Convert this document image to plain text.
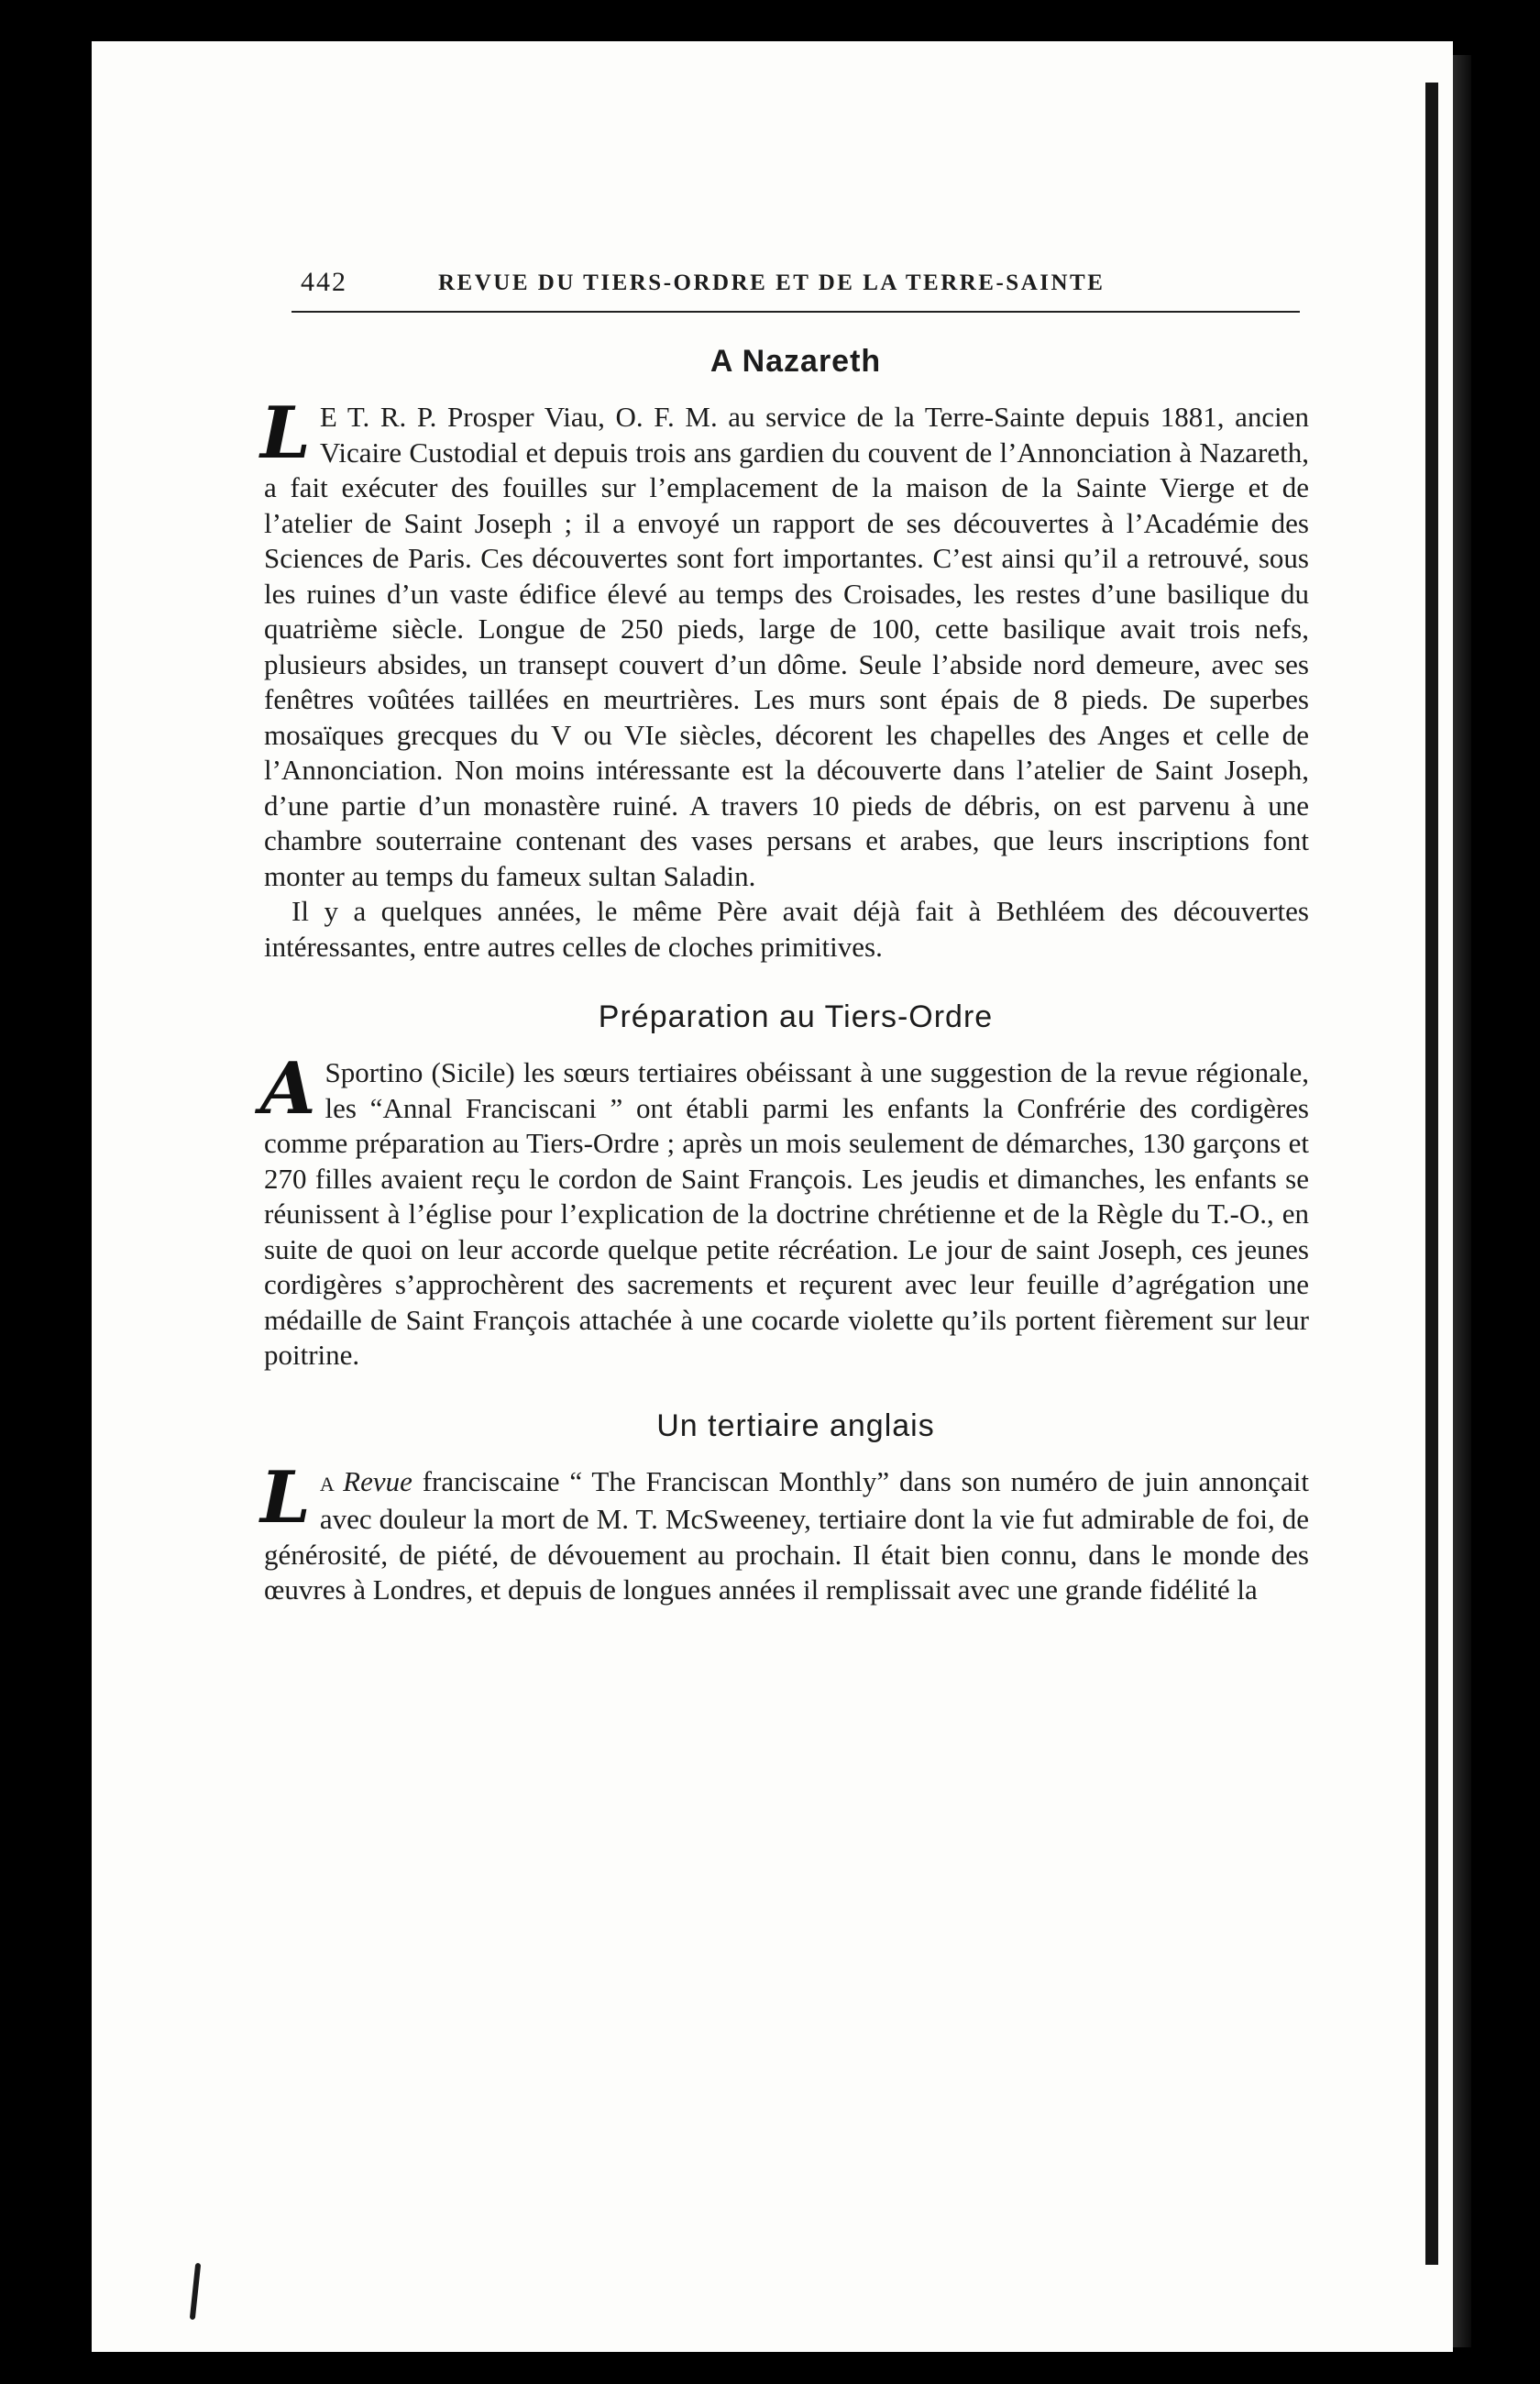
442	REVUE DU TIERS-ORDRE ET DE LA TERRE-SAINTE
A Nazareth

L E T. R. P. Prosper Viau, O. F. M. au service de la Terre-Sainte depuis 1881, ancien Vicaire Custodial et depuis trois ans gardien du couvent de l’Annonciation à Nazareth, a fait exécuter des fouilles sur l’emplacement de la maison de la Sainte Vierge et de l’atelier de Saint Joseph ; il a envoyé un rapport de ses découvertes à l’Académie des Sciences de Paris. Ces découvertes sont fort importantes. C’est ainsi qu’il a retrouvé, sous les ruines d’un vaste édifice élevé au temps des Croisades, les restes d’une basilique du quatrième siècle. Longue de 250 pieds, large de 100, cette basilique avait trois nefs, plusieurs absides, un transept couvert d’un dôme. Seule l’abside nord demeure, avec ses fenêtres voûtées taillées en meurtrières. Les murs sont épais de 8 pieds. De superbes mosaïques grecques du V ou VIe siècles, décorent les chapelles des Anges et celle de l’Annonciation. Non moins intéressante est la découverte dans l’atelier de Saint Joseph, d’une partie d’un monastère ruiné. A travers 10 pieds de débris, on est parvenu à une chambre souterraine contenant des vases persans et arabes, que leurs inscriptions font monter au temps du fameux sultan Saladin.

Il y a quelques années, le même Père avait déjà fait à Bethléem des découvertes intéressantes, entre autres celles de cloches primitives.

Préparation au Tiers-Ordre

A Sportino (Sicile) les sœurs tertiaires obéissant à une suggestion de la revue régionale, les “Annal Franciscani ” ont établi parmi les enfants la Confrérie des cordigères comme préparation au Tiers-Ordre ; après un mois seulement de démarches, 130 garçons et 270 filles avaient reçu le cordon de Saint François. Les jeudis et dimanches, les enfants se réunissent à l’église pour l’explication de la doctrine chrétienne et de la Règle du T.-O., en suite de quoi on leur accorde quelque petite récréation. Le jour de saint Joseph, ces jeunes cordigères s’approchèrent des sacrements et reçurent avec leur feuille d’agrégation une médaille de Saint François attachée à une cocarde violette qu’ils portent fièrement sur leur poitrine.

Un tertiaire anglais

L A Revue franciscaine “ The Franciscan Monthly” dans son numéro de juin annonçait avec douleur la mort de M. T. McSweeney, tertiaire dont la vie fut admirable de foi, de générosité, de piété, de dévouement au prochain. Il était bien connu, dans le monde des œuvres à Londres, et depuis de longues années il remplissait avec une grande fidélité la
